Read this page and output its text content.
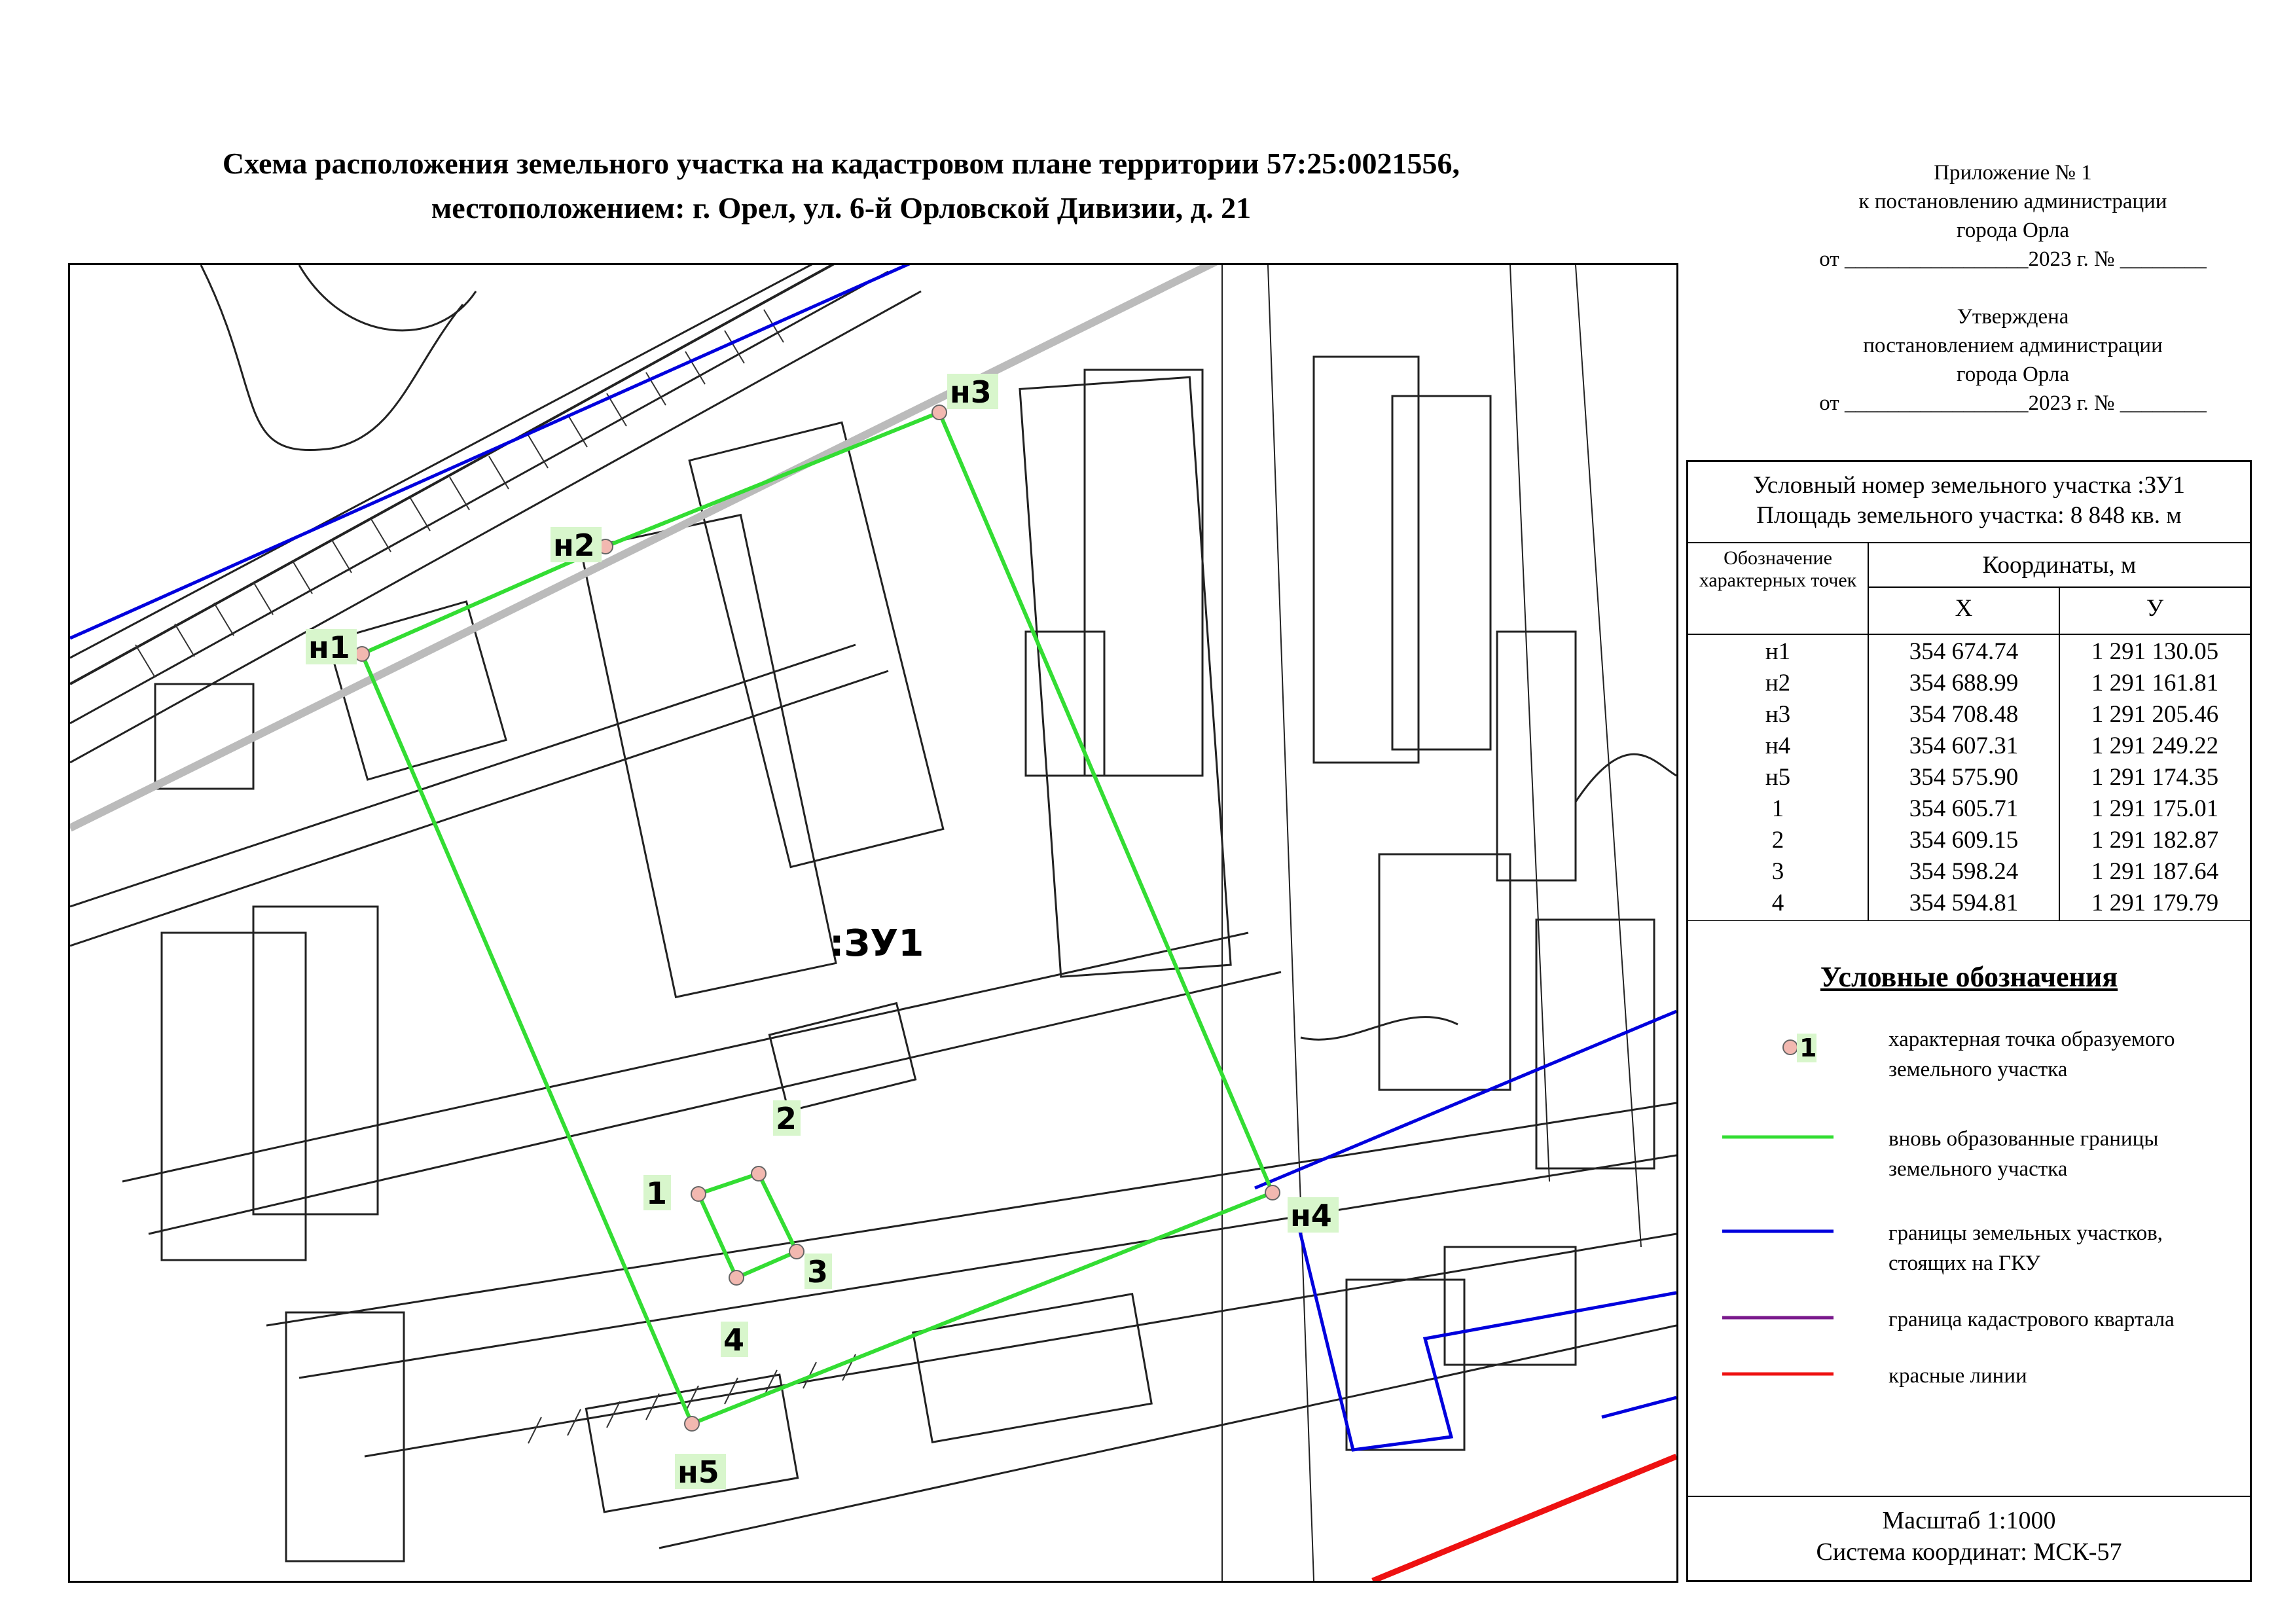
Схема расположения земельного участка на кадастровом плане территории 57:25:0021556,
местоположением: г. Орел, ул. 6-й Орловской Дивизии, д. 21
Приложение № 1
к постановлению администрации
города Орла
от _________________2023 г. № ________
Утверждена
постановлением администрации
города Орла
от _________________2023 г. № ________
н1
н2
н3
н4
н5
1
2
3
4
:ЗУ1
Условный номер земельного участка :ЗУ1
Площадь земельного участка: 8 848 кв. м
Обозначение характерных точек
Координаты, м
Х	У
н1	354 674.74	1 291 130.05
н2	354 688.99	1 291 161.81
н3	354 708.48	1 291 205.46
н4	354 607.31	1 291 249.22
н5	354 575.90	1 291 174.35
1	354 605.71	1 291 175.01
2	354 609.15	1 291 182.87
3	354 598.24	1 291 187.64
4	354 594.81	1 291 179.79
Условные обозначения
1	характерная точка образуемого земельного участка
вновь образованные границы земельного участка
границы земельных участков, стоящих на ГКУ
граница кадастрового квартала
красные линии
Масштаб 1:1000
Система координат: МСК-57
